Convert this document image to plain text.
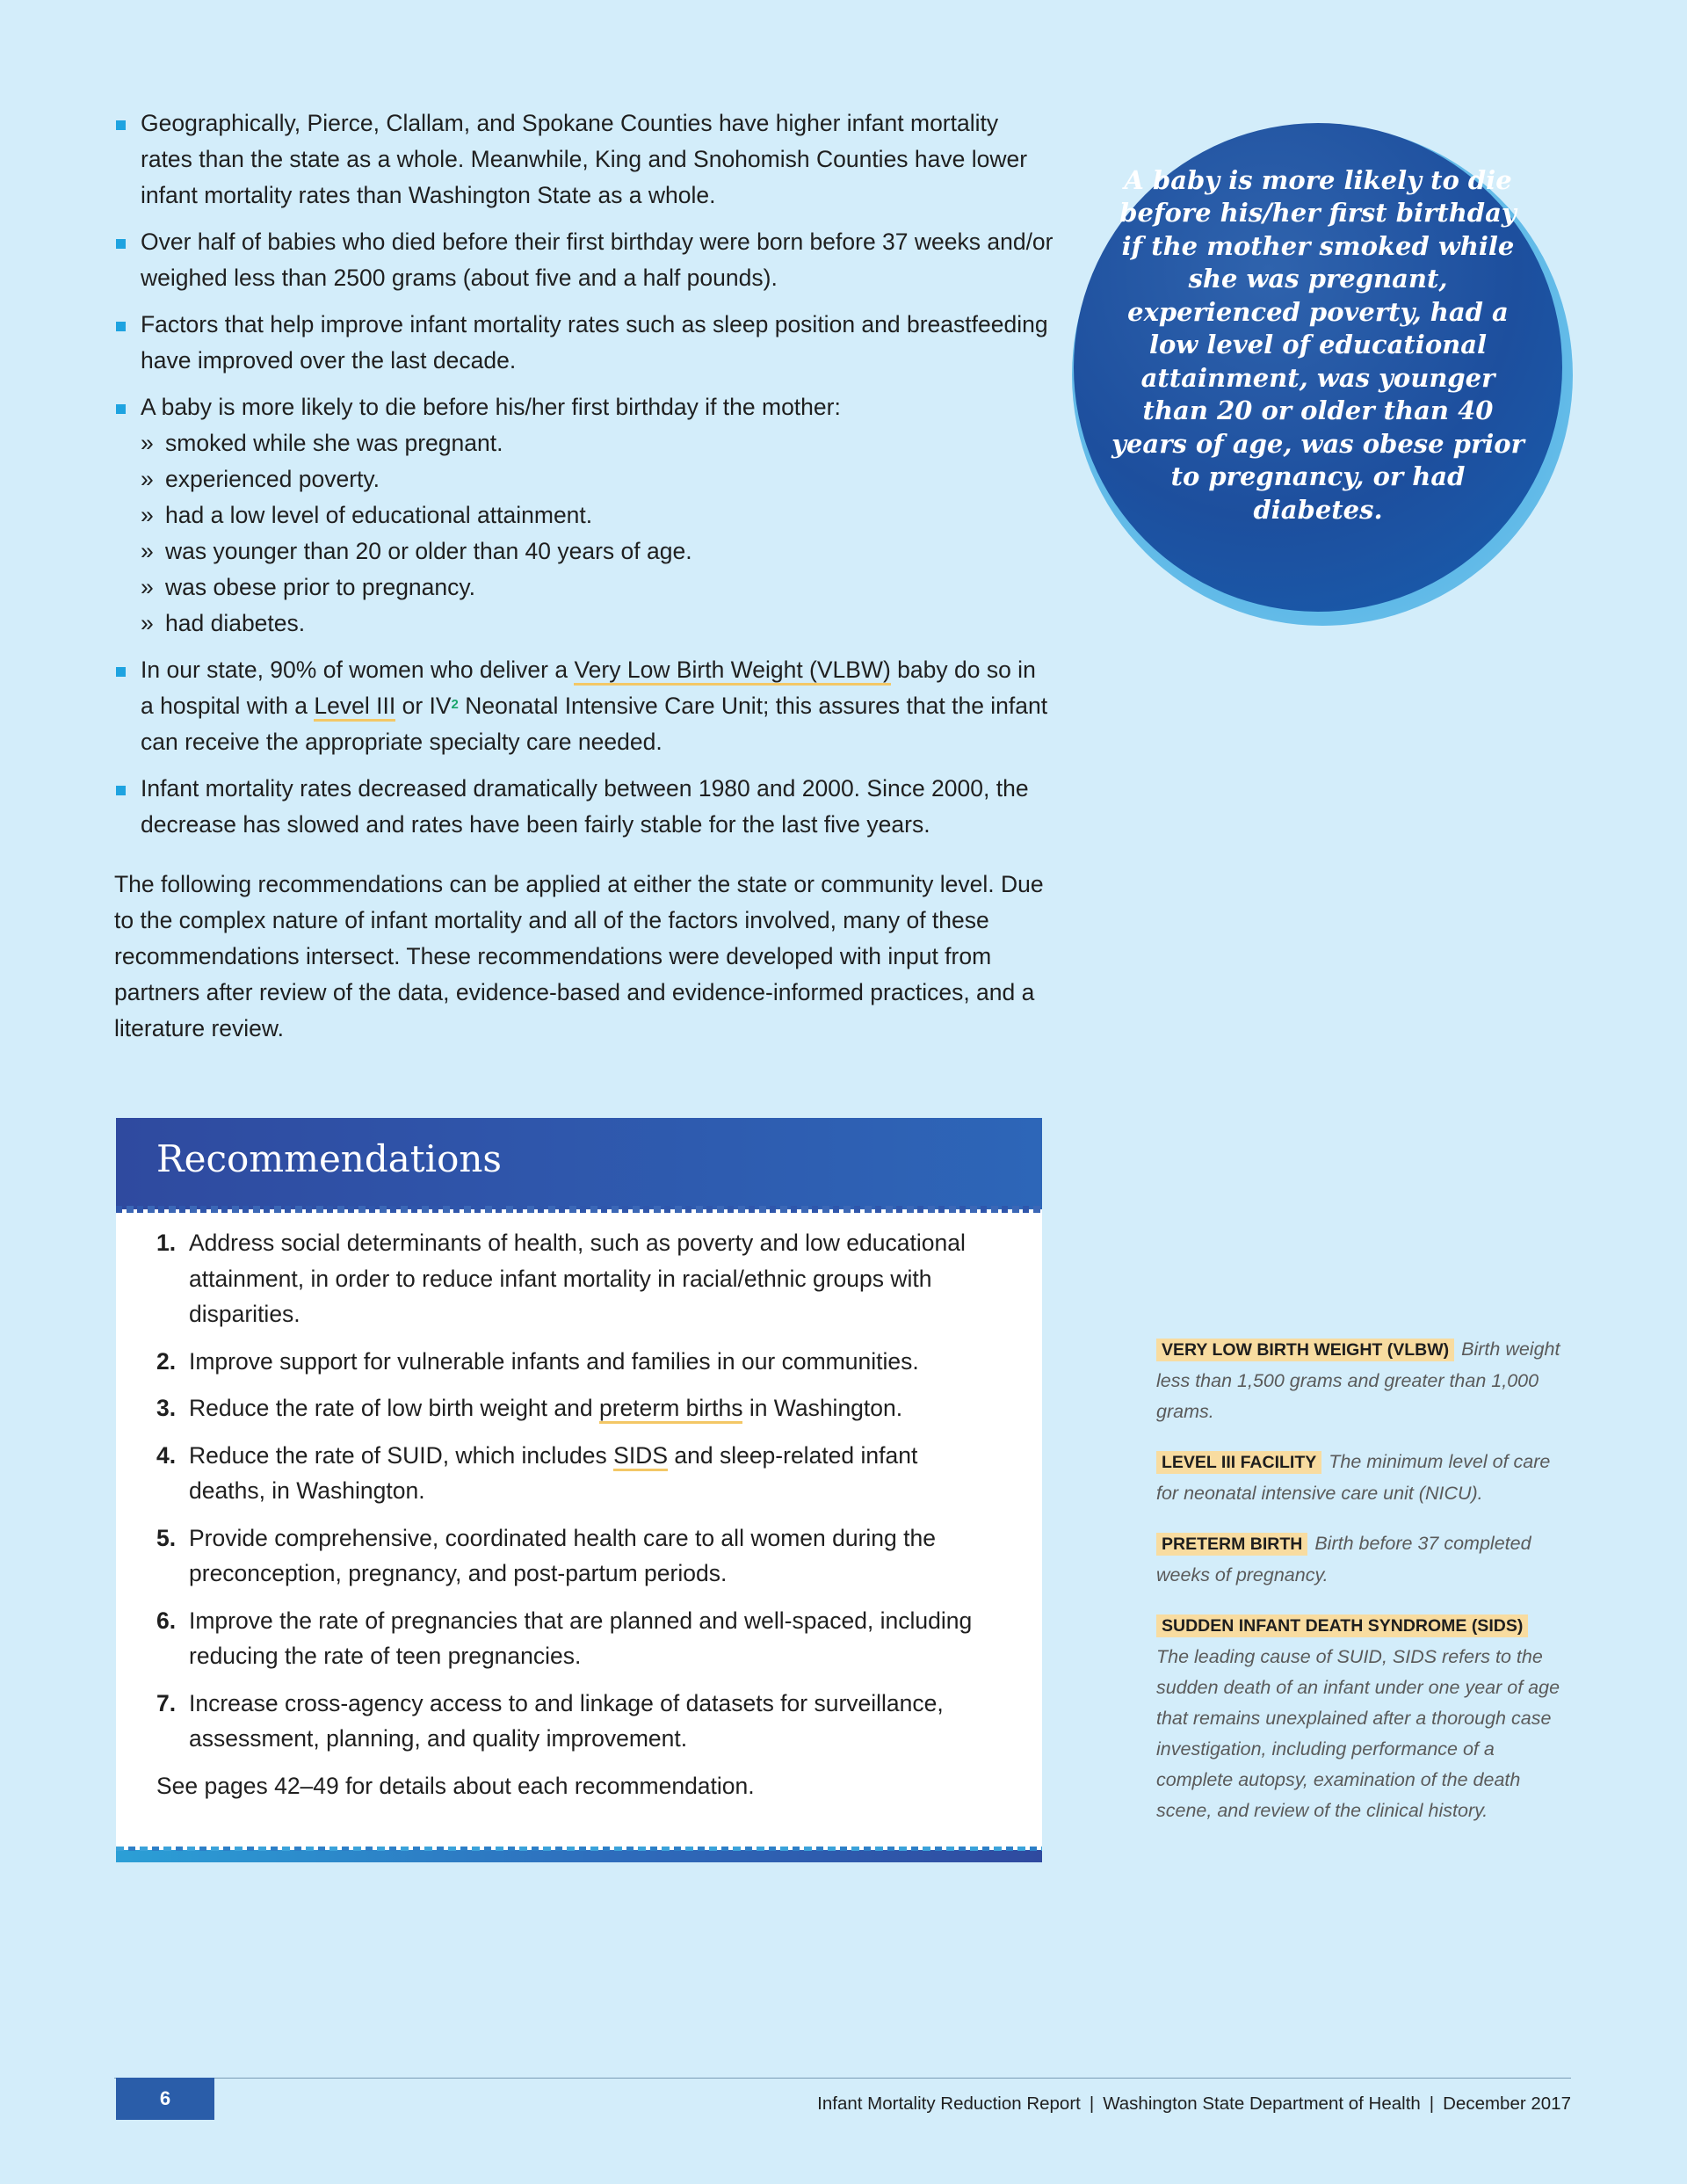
Geographically, Pierce, Clallam, and Spokane Counties have higher infant mortality rates than the state as a whole. Meanwhile, King and Snohomish Counties have lower infant mortality rates than Washington State as a whole.
Over half of babies who died before their first birthday were born before 37 weeks and/or weighed less than 2500 grams (about five and a half pounds).
Factors that help improve infant mortality rates such as sleep position and breastfeeding have improved over the last decade.
A baby is more likely to die before his/her first birthday if the mother:
» smoked while she was pregnant.
» experienced poverty.
» had a low level of educational attainment.
» was younger than 20 or older than 40 years of age.
» was obese prior to pregnancy.
» had diabetes.
In our state, 90% of women who deliver a Very Low Birth Weight (VLBW) baby do so in a hospital with a Level III or IV$^2$ Neonatal Intensive Care Unit; this assures that the infant can receive the appropriate specialty care needed.
Infant mortality rates decreased dramatically between 1980 and 2000. Since 2000, the decrease has slowed and rates have been fairly stable for the last five years.

The following recommendations can be applied at either the state or community level. Due to the complex nature of infant mortality and all of the factors involved, many of these recommendations intersect. These recommendations were developed with input from partners after review of the data, evidence-based and evidence-informed practices, and a literature review.

Recommendations
1. Address social determinants of health, such as poverty and low educational attainment, in order to reduce infant mortality in racial/ethnic groups with disparities.
2. Improve support for vulnerable infants and families in our communities.
3. Reduce the rate of low birth weight and preterm births in Washington.
4. Reduce the rate of SUID, which includes SIDS and sleep-related infant deaths, in Washington.
5. Provide comprehensive, coordinated health care to all women during the preconception, pregnancy, and post-partum periods.
6. Improve the rate of pregnancies that are planned and well-spaced, including reducing the rate of teen pregnancies.
7. Increase cross-agency access to and linkage of datasets for surveillance, assessment, planning, and quality improvement.

See pages 42–49 for details about each recommendation.

A baby is more likely to die before his/her first birthday if the mother smoked while she was pregnant, experienced poverty, had a low level of educational attainment, was younger than 20 or older than 40 years of age, was obese prior to pregnancy, or had diabetes.
VERY LOW BIRTH WEIGHT (VLBW) Birth weight less than 1,500 grams and greater than 1,000 grams.
LEVEL III FACILITY The minimum level of care for neonatal intensive care unit (NICU).
PRETERM BIRTH Birth before 37 completed weeks of pregnancy.
SUDDEN INFANT DEATH SYNDROME (SIDS)
The leading cause of SUID, SIDS refers to the sudden death of an infant under one year of age that remains unexplained after a thorough case investigation, including performance of a complete autopsy, examination of the death scene, and review of the clinical history.
6	Infant Mortality Reduction Report | Washington State Department of Health | December 2017
